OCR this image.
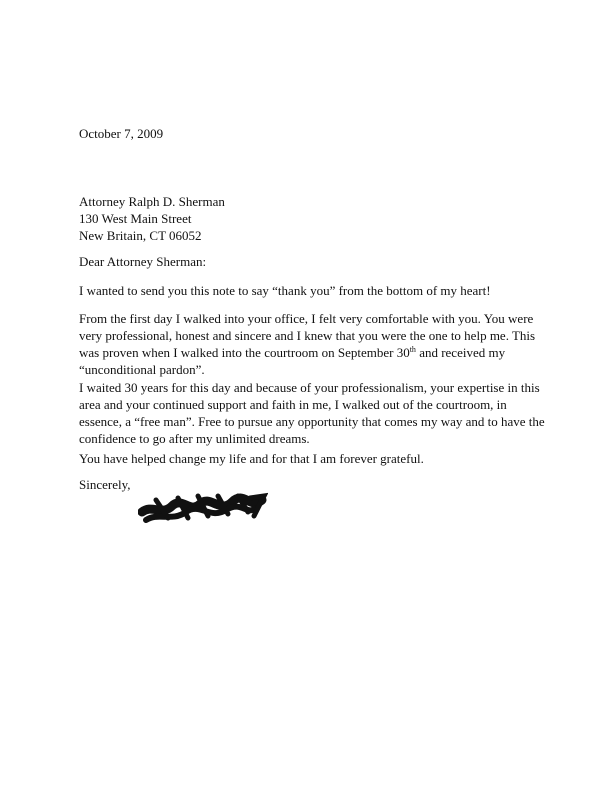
October 7, 2009
Attorney Ralph D. Sherman
130 West Main Street
New Britain, CT 06052
Dear Attorney Sherman:
I wanted to send you this note to say “thank you” from the bottom of my heart!
From the first day I walked into your office, I felt very comfortable with you. You were very professional, honest and sincere and I knew that you were the one to help me. This was proven when I walked into the courtroom on September 30th and received my “unconditional pardon”.
I waited 30 years for this day and because of your professionalism, your expertise in this area and your continued support and faith in me, I walked out of the courtroom, in essence, a “free man”. Free to pursue any opportunity that comes my way and to have the confidence to go after my unlimited dreams.
You have helped change my life and for that I am forever grateful.
Sincerely,
